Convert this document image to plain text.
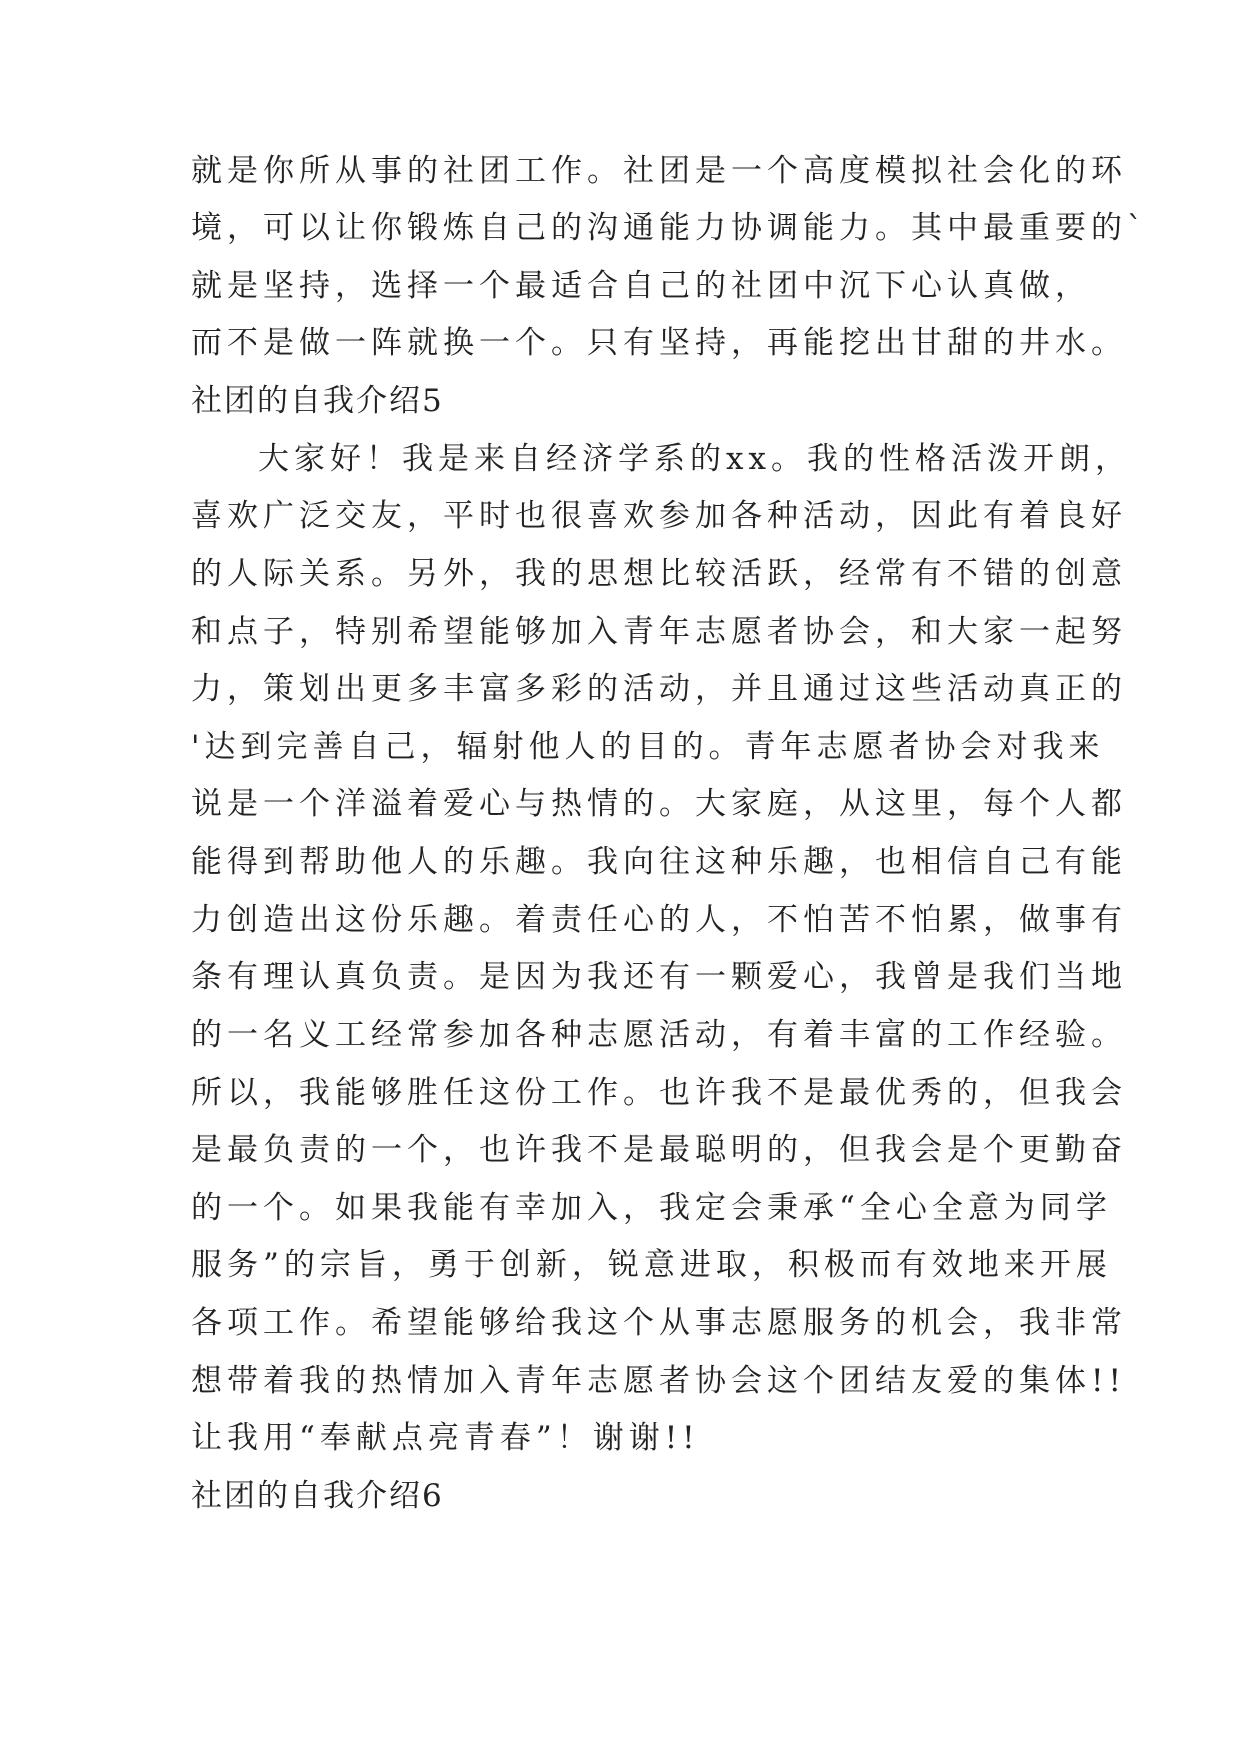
就是你所从事的社团工作。社团是一个高度模拟社会化的环
境，可以让你锻炼自己的沟通能力协调能力。其中最重要的`
就是坚持，选择一个最适合自己的社团中沉下心认真做，
而不是做一阵就换一个。只有坚持，再能挖出甘甜的井水。
社团的自我介绍5
大家好！我是来自经济学系的xx。我的性格活泼开朗，
喜欢广泛交友，平时也很喜欢参加各种活动，因此有着良好
的人际关系。另外，我的思想比较活跃，经常有不错的创意
和点子，特别希望能够加入青年志愿者协会，和大家一起努
力，策划出更多丰富多彩的活动，并且通过这些活动真正的
'达到完善自己，辐射他人的目的。青年志愿者协会对我来
说是一个洋溢着爱心与热情的。大家庭，从这里，每个人都
能得到帮助他人的乐趣。我向往这种乐趣，也相信自己有能
力创造出这份乐趣。着责任心的人，不怕苦不怕累，做事有
条有理认真负责。是因为我还有一颗爱心，我曾是我们当地
的一名义工经常参加各种志愿活动，有着丰富的工作经验。
所以，我能够胜任这份工作。也许我不是最优秀的，但我会
是最负责的一个，也许我不是最聪明的，但我会是个更勤奋
的一个。如果我能有幸加入，我定会秉承“全心全意为同学
服务”的宗旨，勇于创新，锐意进取，积极而有效地来开展
各项工作。希望能够给我这个从事志愿服务的机会，我非常
想带着我的热情加入青年志愿者协会这个团结友爱的集体!!
让我用“奉献点亮青春”！谢谢!!
社团的自我介绍6
